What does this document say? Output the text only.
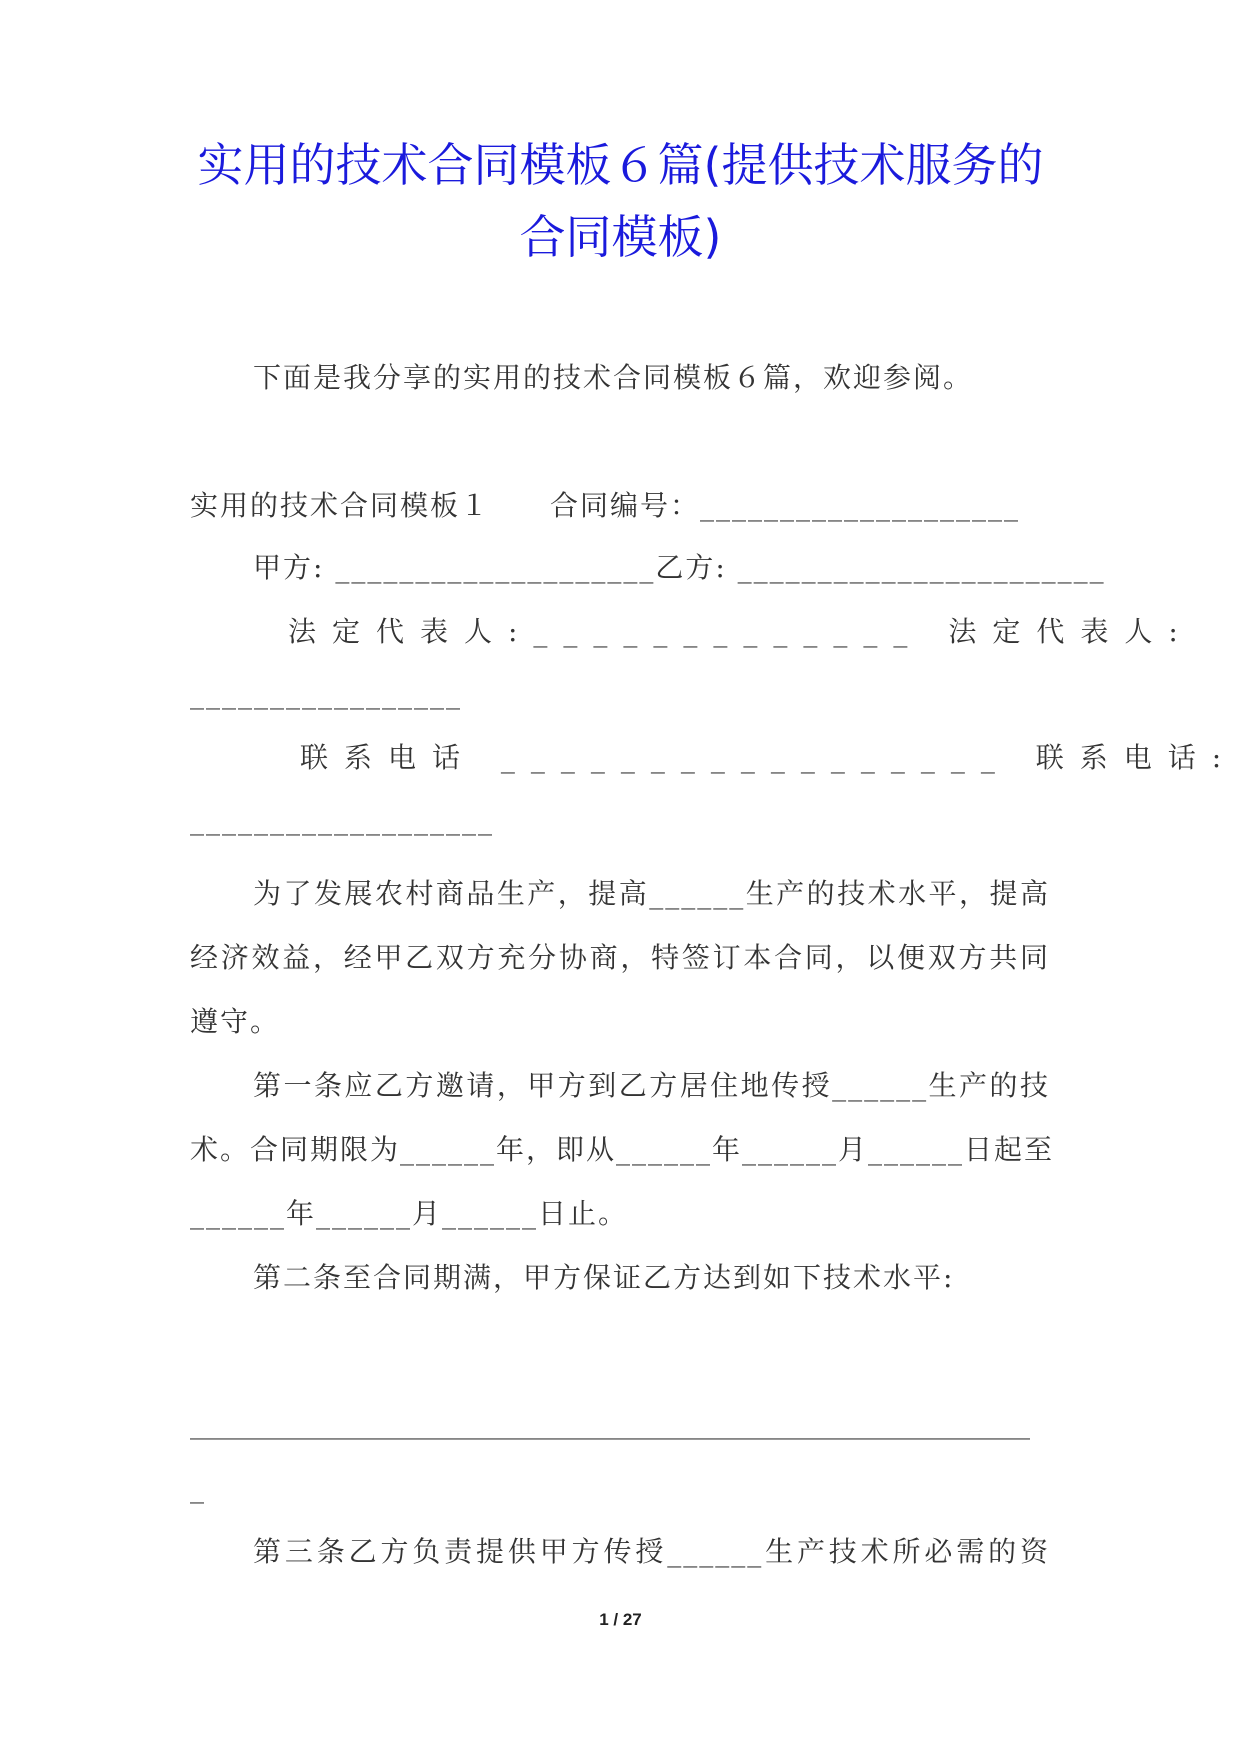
实用的技术合同模板６篇(提供技术服务的
合同模板)
下面是我分享的实用的技术合同模板６篇，欢迎参阅。
实用的技术合同模板１　　合同编号：____________________
甲方: ____________________乙方: _______________________
法定代表人:_____________ 法定代表人:
_________________
联系电话 _________________ 联系电话:
___________________
为了发展农村商品生产，提高______生产的技术水平，提高
经济效益，经甲乙双方充分协商，特签订本合同，以便双方共同
遵守。
第一条应乙方邀请，甲方到乙方居住地传授______生产的技
术。合同期限为______年，即从______年______月______日起至
______年______月______日止。
第二条至合同期满，甲方保证乙方达到如下技术水平:
____________________________________________________________
_
第三条乙方负责提供甲方传授______生产技术所必需的资
1 / 27
